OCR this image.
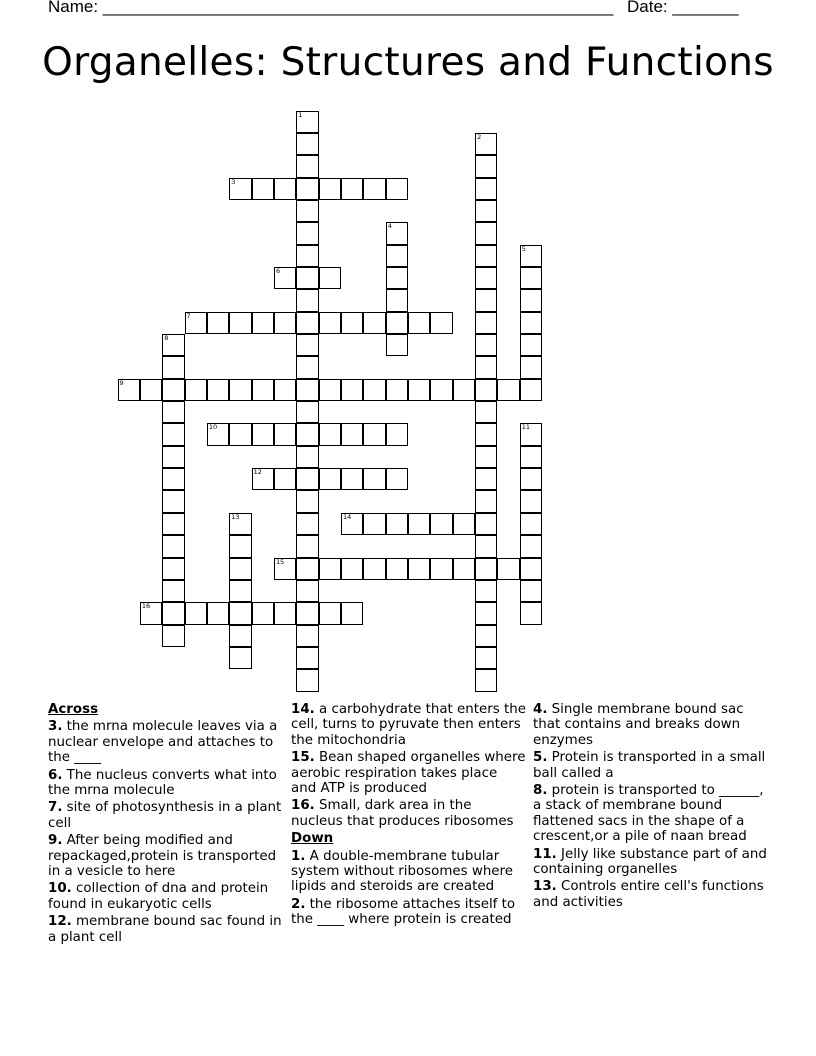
Name: ______________________________________________________ Date: _______
Organelles: Structures and Functions
1
2
3
4
5
6
7
8
9
10	11
12
13	14
15
16
Across
3. the mrna molecule leaves via a nuclear envelope and attaches to the ____
6. The nucleus converts what into the mrna molecule
7. site of photosynthesis in a plant cell
9. After being modified and repackaged,protein is transported in a vesicle to here
10. collection of dna and protein found in eukaryotic cells
12. membrane bound sac found in a plant cell
14. a carbohydrate that enters the cell, turns to pyruvate then enters the mitochondria
15. Bean shaped organelles where aerobic respiration takes place and ATP is produced
16. Small, dark area in the nucleus that produces ribosomes
Down
1. A double-membrane tubular system without ribosomes where lipids and steroids are created
2. the ribosome attaches itself to the ____ where protein is created
4. Single membrane bound sac that contains and breaks down enzymes
5. Protein is transported in a small ball called a
8. protein is transported to ______, a stack of membrane bound flattened sacs in the shape of a crescent,or a pile of naan bread
11. Jelly like substance part of and containing organelles
13. Controls entire cell's functions and activities
